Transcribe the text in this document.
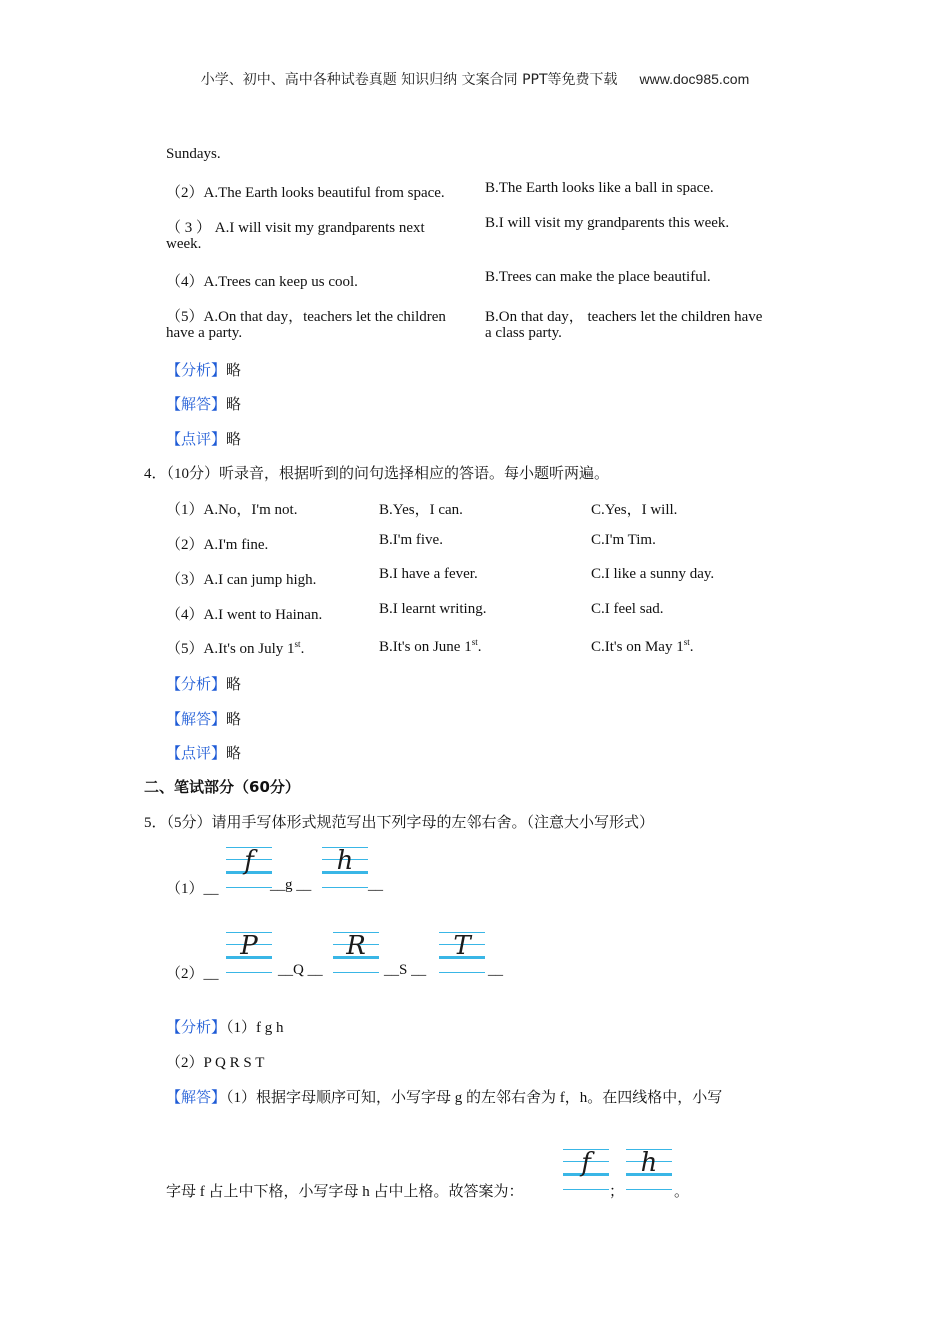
小学、初中、高中各种试卷真题 知识归纳 文案合同 PPT等免费下载 www.doc985.com
Sundays.
（2）A.The Earth looks beautiful from space.	B.The Earth looks like a ball in space.
（ 3 ） A.I will visit my grandparents next
week.
B.I will visit my grandparents this week.
（4）A.Trees can keep us cool.	B.Trees can make the place beautiful.
（5）A.On that day，teachers let the children
have a party.
B.On that day， teachers let the children have
a class party.
【分析】略
【解答】略
【点评】略
4．（10分）听录音，根据听到的问句选择相应的答语。每小题听两遍。
（1）A.No，I'm not.	B.Yes，I can.	C.Yes，I will.
（2）A.I'm fine.	B.I'm five.	C.I'm Tim.
（3）A.I can jump high.	B.I have a fever.	C.I like a sunny day.
（4）A.I went to Hainan.	B.I learnt writing.	C.I feel sad.
（5）A.It's on July 1st.	B.It's on June 1st.	C.It's on May 1st.
【分析】略
【解答】略
【点评】略
二、笔试部分（60分）
5．（5分）请用手写体形式规范写出下列字母的左邻右舍。（注意大小写形式）
（1）__
f
__g __
h
__
（2）__
P
__Q __
R
__S __
T
__
【分析】（1）f g h
（2）P Q R S T
【解答】（1）根据字母顺序可知，小写字母 g 的左邻右舍为 f，h。在四线格中，小写
字母 f 占上中下格，小写字母 h 占中上格。故答案为：
f
；
h
。
